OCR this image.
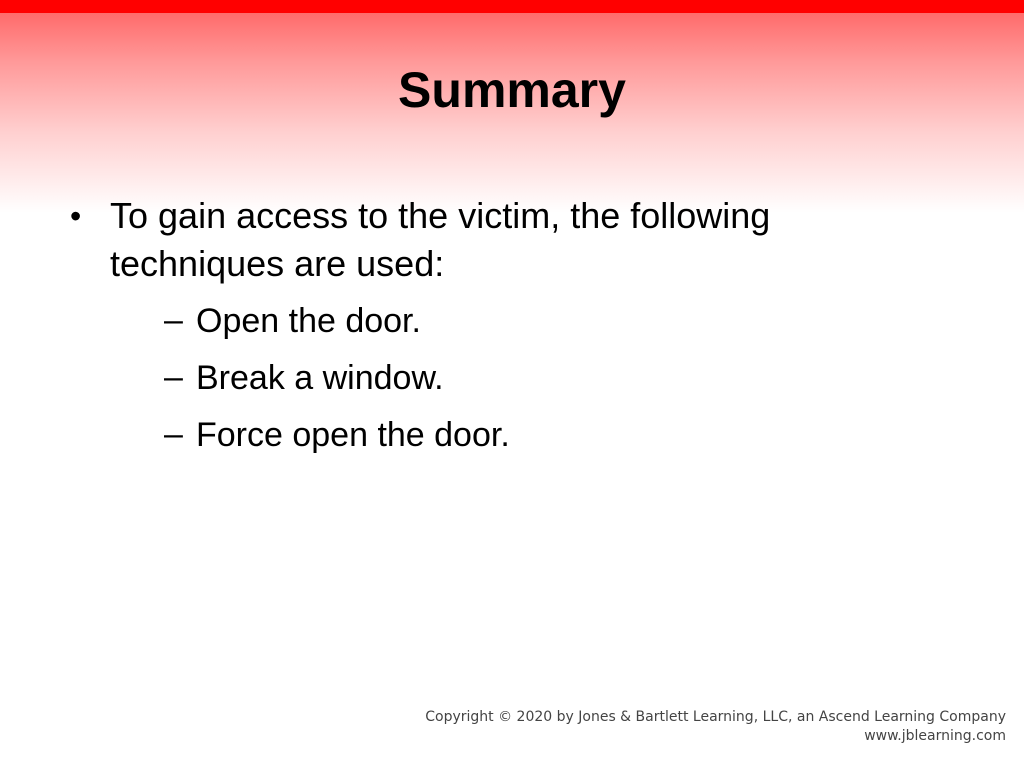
Summary
• To gain access to the victim, the following techniques are used:
– Open the door.
– Break a window.
– Force open the door.
Copyright © 2020 by Jones & Bartlett Learning, LLC, an Ascend Learning Company
www.jblearning.com
